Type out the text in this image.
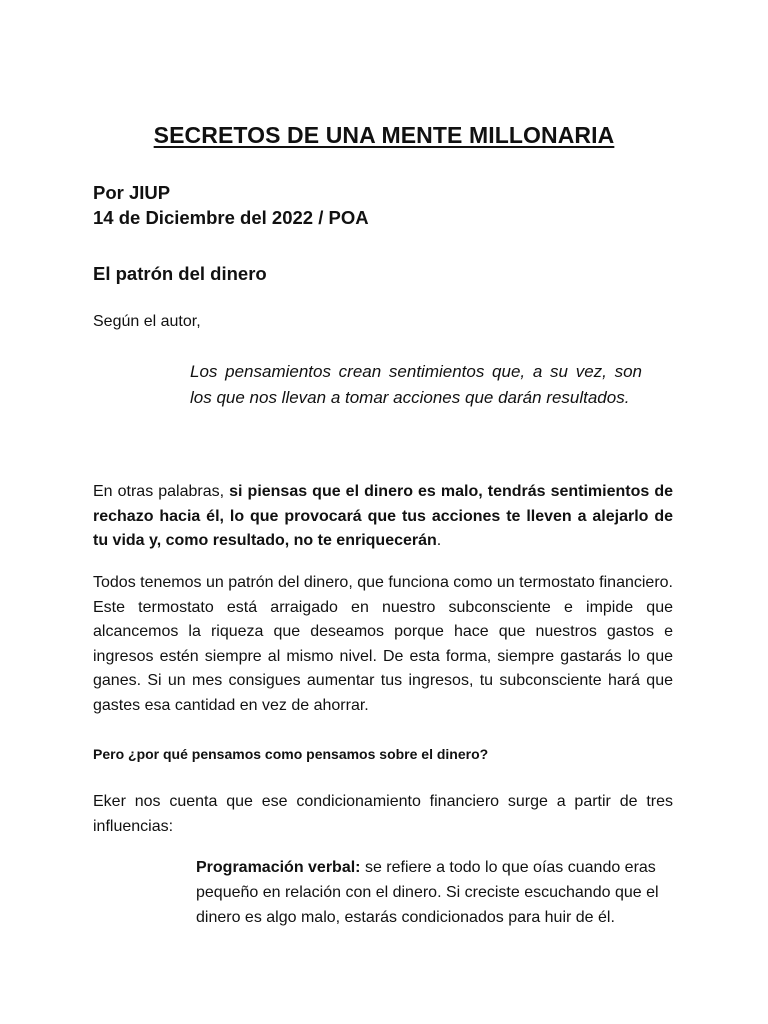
SECRETOS DE UNA MENTE MILLONARIA
Por JIUP
14 de Diciembre del 2022 / POA
El patrón del dinero
Según el autor,
Los pensamientos crean sentimientos que, a su vez, son los que nos llevan a tomar acciones que darán resultados.
En otras palabras, si piensas que el dinero es malo, tendrás sentimientos de rechazo hacia él, lo que provocará que tus acciones te lleven a alejarlo de tu vida y, como resultado, no te enriquecerán.
Todos tenemos un patrón del dinero, que funciona como un termostato financiero. Este termostato está arraigado en nuestro subconsciente e impide que alcancemos la riqueza que deseamos porque hace que nuestros gastos e ingresos estén siempre al mismo nivel. De esta forma, siempre gastarás lo que ganes. Si un mes consigues aumentar tus ingresos, tu subconsciente hará que gastes esa cantidad en vez de ahorrar.
Pero ¿por qué pensamos como pensamos sobre el dinero?
Eker nos cuenta que ese condicionamiento financiero surge a partir de tres influencias:
Programación verbal: se refiere a todo lo que oías cuando eras pequeño en relación con el dinero. Si creciste escuchando que el dinero es algo malo, estarás condicionados para huir de él.
